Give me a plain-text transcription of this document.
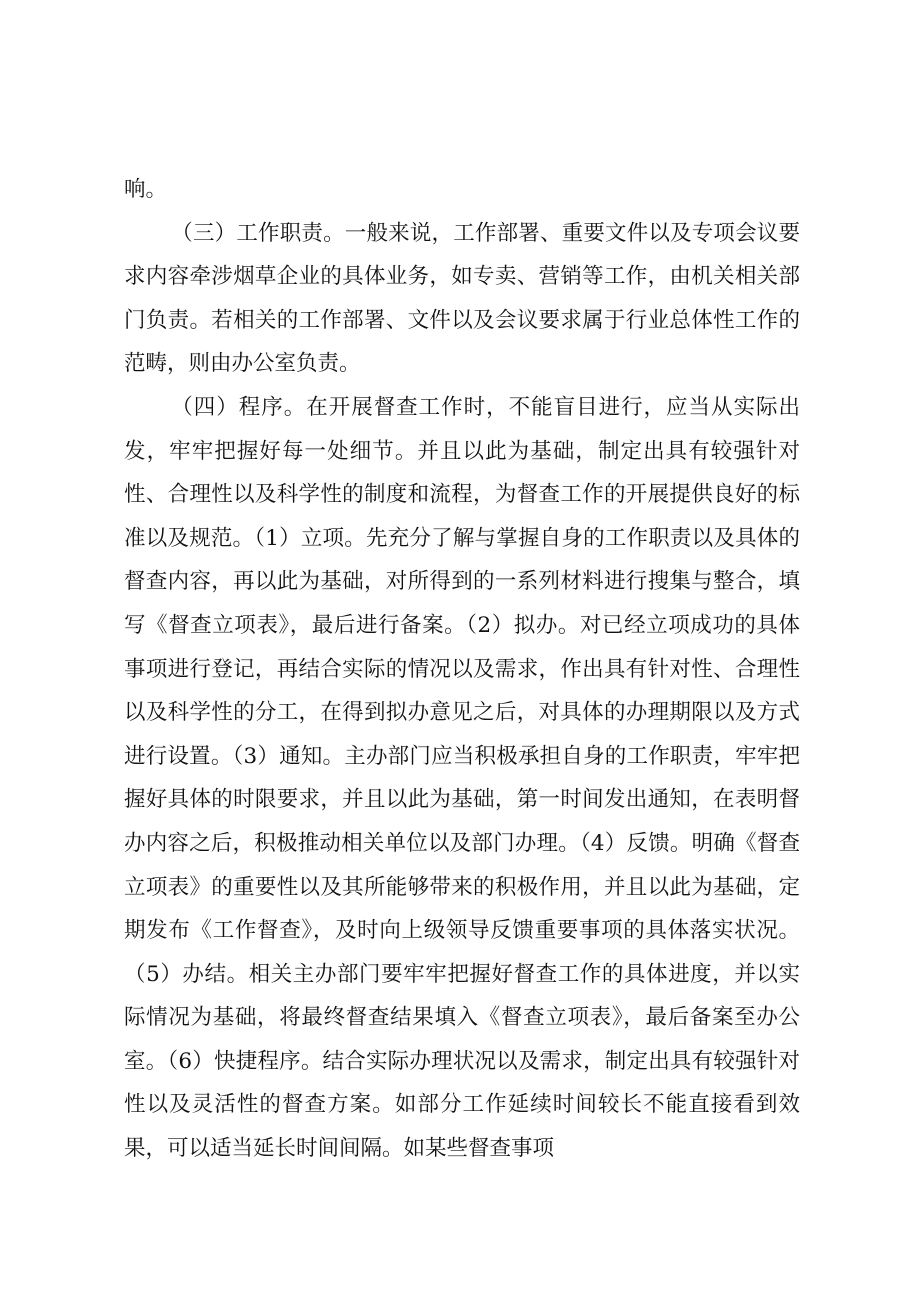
响。

（三）工作职责。一般来说，工作部署、重要文件以及专项会议要求内容牵涉烟草企业的具体业务，如专卖、营销等工作，由机关相关部门负责。若相关的工作部署、文件以及会议要求属于行业总体性工作的范畴，则由办公室负责。

（四）程序。在开展督查工作时，不能盲目进行，应当从实际出发，牢牢把握好每一处细节。并且以此为基础，制定出具有较强针对性、合理性以及科学性的制度和流程，为督查工作的开展提供良好的标准以及规范。（1）立项。先充分了解与掌握自身的工作职责以及具体的督查内容，再以此为基础，对所得到的一系列材料进行搜集与整合，填写《督查立项表》，最后进行备案。（2）拟办。对已经立项成功的具体事项进行登记，再结合实际的情况以及需求，作出具有针对性、合理性以及科学性的分工，在得到拟办意见之后，对具体的办理期限以及方式进行设置。（3）通知。主办部门应当积极承担自身的工作职责，牢牢把握好具体的时限要求，并且以此为基础，第一时间发出通知，在表明督办内容之后，积极推动相关单位以及部门办理。（4）反馈。明确《督查立项表》的重要性以及其所能够带来的积极作用，并且以此为基础，定期发布《工作督查》，及时向上级领导反馈重要事项的具体落实状况。（5）办结。相关主办部门要牢牢把握好督查工作的具体进度，并以实际情况为基础，将最终督查结果填入《督查立项表》，最后备案至办公室。（6）快捷程序。结合实际办理状况以及需求，制定出具有较强针对性以及灵活性的督查方案。如部分工作延续时间较长不能直接看到效果，可以适当延长时间间隔。如某些督查事项
